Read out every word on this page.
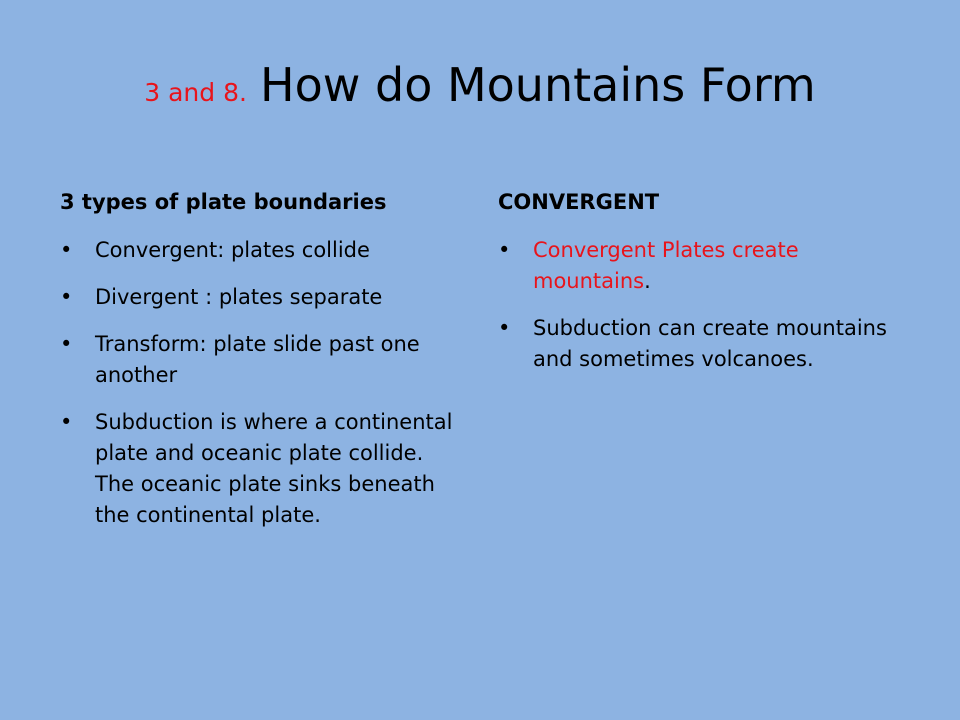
3 and 8. How do Mountains Form
3 types of plate boundaries
• Convergent: plates collide
• Divergent : plates separate
• Transform: plate slide past one another
• Subduction is where a continental plate and oceanic plate collide. The oceanic plate sinks beneath the continental plate.
CONVERGENT
• Convergent Plates create mountains.
• Subduction can create mountains and sometimes volcanoes.
